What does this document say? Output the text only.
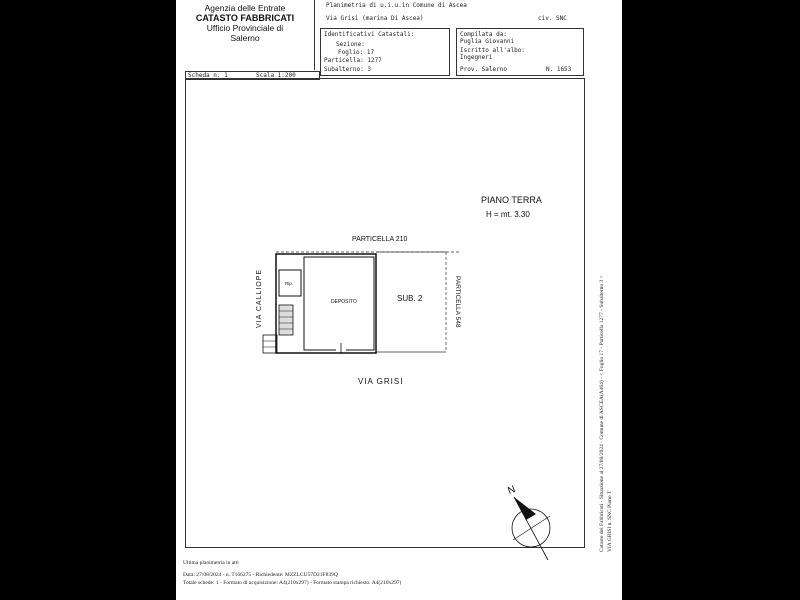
Agenzia delle Entrate
CATASTO FABBRICATI
Ufficio Provinciale di
Salerno
Planimetria di u.i.u.in Comune di Ascea
Via Grisi (marina Di Ascea)	civ. SNC
Identificativi Catastali:
Sezione:
Foglio: 17
Particella: 1277
Subalterno: 3
Compilata da:
Puglia Giovanni
Iscritto all'albo:
Ingegneri
Prov. Salerno	N. 1653
Scheda n. 1	Scala 1:200
PIANO TERRA
H = mt. 3.30
PARTICELLA 210
DEPOSITO	SUB. 2
Rip.
VIA GRISI
VIA CALLIOPE	PARTICELLA 548
N	Catasto dei Fabbricati - Situazione al 27/08/2024 - Comune di ASCEA(A464) - < Foglio 17 - Particella 1277 - Subalterno 3 > VIA GRISI n. SNC Piano T
Ultima planimetria in atti
Data: 27/08/2024 - n. T166275 - Richiedente: MZZLCU57D21F839Q
Totale schede: 1 - Formato di acquisizione: A4(210x297) - Formato stampa richiesto: A4(210x297)
